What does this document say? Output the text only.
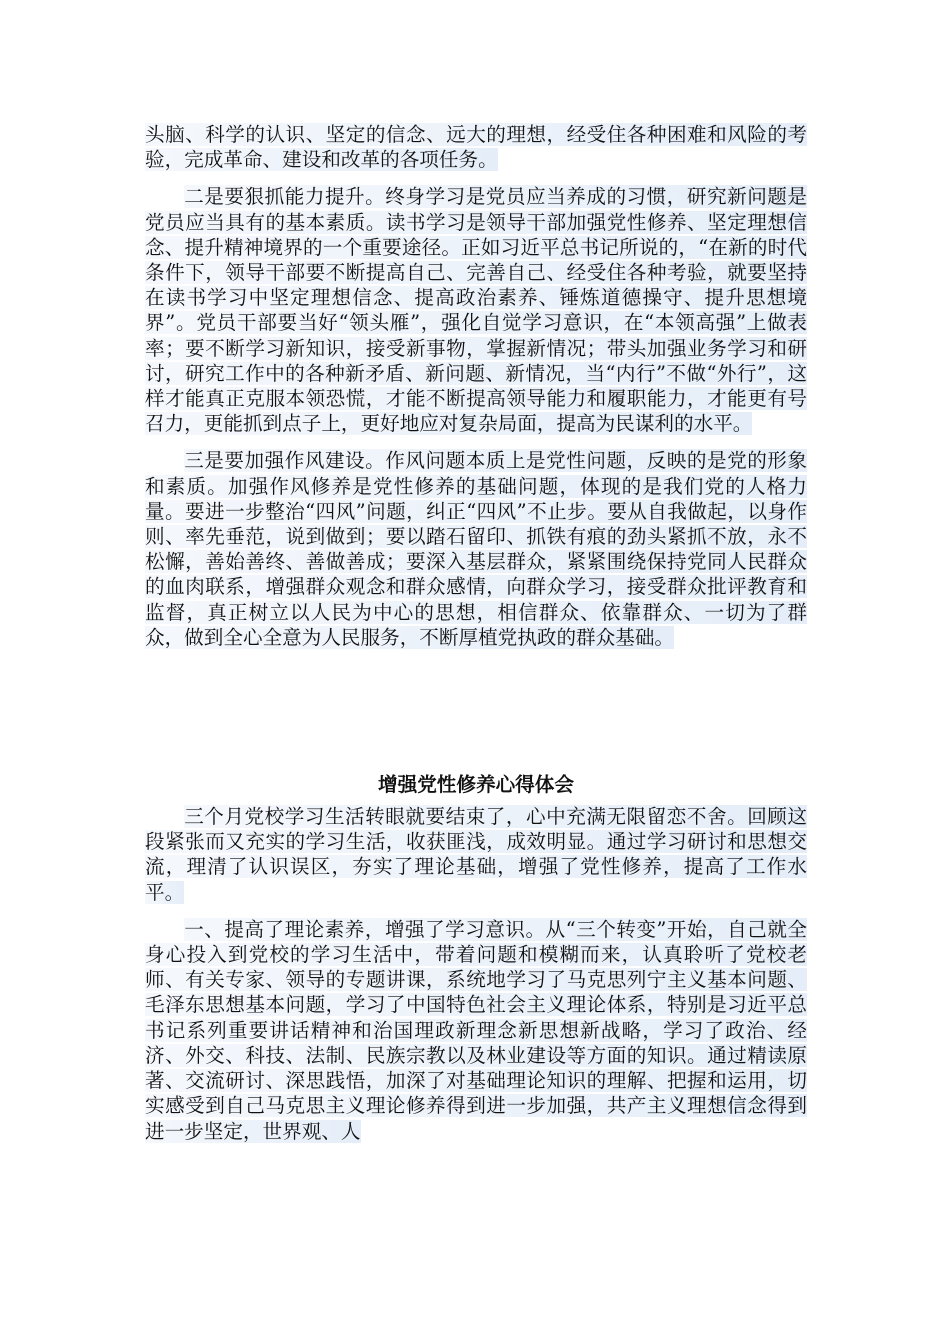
头脑、科学的认识、坚定的信念、远大的理想，经受住各种困难和风险的考验，完成革命、建设和改革的各项任务。

二是要狠抓能力提升。终身学习是党员应当养成的习惯，研究新问题是党员应当具有的基本素质。读书学习是领导干部加强党性修养、坚定理想信念、提升精神境界的一个重要途径。正如习近平总书记所说的，“在新的时代条件下，领导干部要不断提高自己、完善自己、经受住各种考验，就要坚持在读书学习中坚定理想信念、提高政治素养、锤炼道德操守、提升思想境界”。党员干部要当好“领头雁”，强化自觉学习意识，在“本领高强”上做表率；要不断学习新知识，接受新事物，掌握新情况；带头加强业务学习和研讨，研究工作中的各种新矛盾、新问题、新情况，当“内行”不做“外行”，这样才能真正克服本领恐慌，才能不断提高领导能力和履职能力，才能更有号召力，更能抓到点子上，更好地应对复杂局面，提高为民谋利的水平。

三是要加强作风建设。作风问题本质上是党性问题，反映的是党的形象和素质。加强作风修养是党性修养的基础问题，体现的是我们党的人格力量。要进一步整治“四风”问题，纠正“四风”不止步。要从自我做起，以身作则、率先垂范，说到做到；要以踏石留印、抓铁有痕的劲头紧抓不放，永不松懈，善始善终、善做善成；要深入基层群众，紧紧围绕保持党同人民群众的血肉联系，增强群众观念和群众感情，向群众学习，接受群众批评教育和监督，真正树立以人民为中心的思想，相信群众、依靠群众、一切为了群众，做到全心全意为人民服务，不断厚植党执政的群众基础。

增强党性修养心得体会

三个月党校学习生活转眼就要结束了，心中充满无限留恋不舍。回顾这段紧张而又充实的学习生活，收获匪浅，成效明显。通过学习研讨和思想交流，理清了认识误区，夯实了理论基础，增强了党性修养，提高了工作水平。

一、提高了理论素养，增强了学习意识。从“三个转变”开始，自己就全身心投入到党校的学习生活中，带着问题和模糊而来，认真聆听了党校老师、有关专家、领导的专题讲课，系统地学习了马克思列宁主义基本问题、毛泽东思想基本问题，学习了中国特色社会主义理论体系，特别是习近平总书记系列重要讲话精神和治国理政新理念新思想新战略，学习了政治、经济、外交、科技、法制、民族宗教以及林业建设等方面的知识。通过精读原著、交流研讨、深思践悟，加深了对基础理论知识的理解、把握和运用，切实感受到自己马克思主义理论修养得到进一步加强，共产主义理想信念得到进一步坚定，世界观、人
